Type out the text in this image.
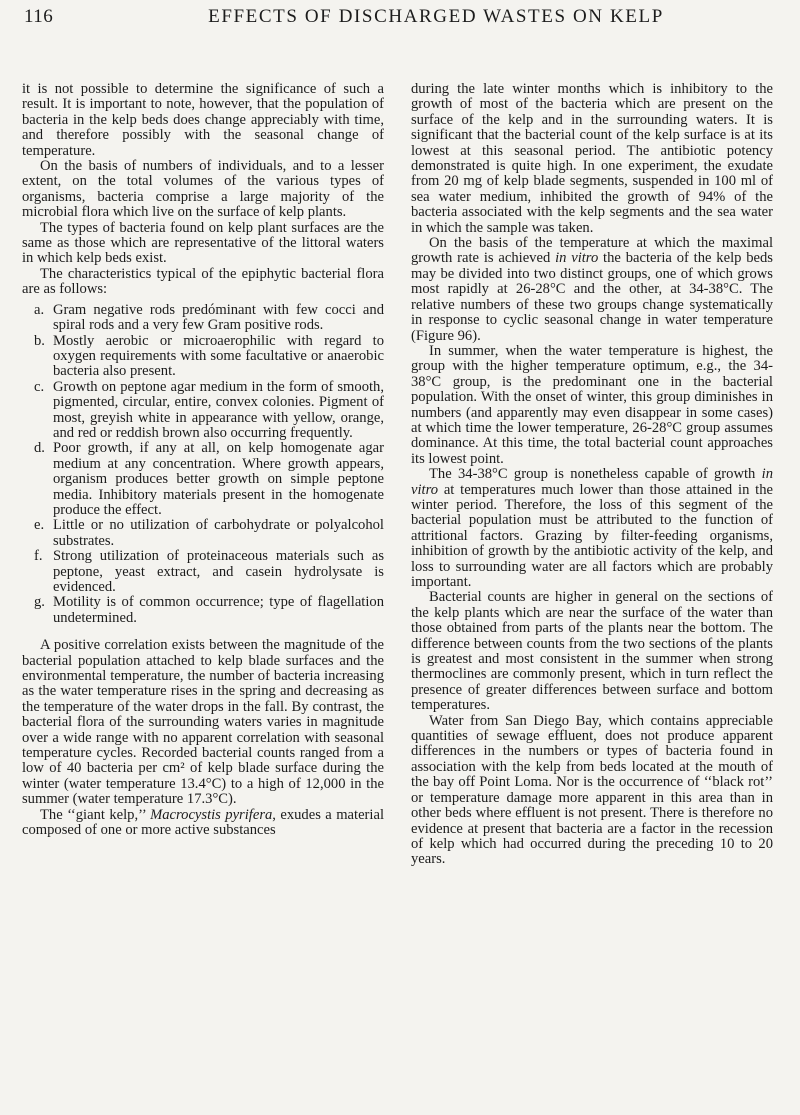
116	EFFECTS OF DISCHARGED WASTES ON KELP

it is not possible to determine the significance of such a result. It is important to note, however, that the population of bacteria in the kelp beds does change appreciably with time, and therefore possibly with the seasonal change of temperature.

On the basis of numbers of individuals, and to a lesser extent, on the total volumes of the various types of organisms, bacteria comprise a large majority of the microbial flora which live on the surface of kelp plants.

The types of bacteria found on kelp plant surfaces are the same as those which are representative of the littoral waters in which kelp beds exist.

The characteristics typical of the epiphytic bacterial flora are as follows:

a. Gram negative rods predóminant with few cocci and spiral rods and a very few Gram positive rods.
b. Mostly aerobic or microaerophilic with regard to oxygen requirements with some facultative or anaerobic bacteria also present.
c. Growth on peptone agar medium in the form of smooth, pigmented, circular, entire, convex colonies. Pigment of most, greyish white in appearance with yellow, orange, and red or reddish brown also occurring frequently.
d. Poor growth, if any at all, on kelp homogenate agar medium at any concentration. Where growth appears, organism produces better growth on simple peptone media. Inhibitory materials present in the homogenate produce the effect.
e. Little or no utilization of carbohydrate or polyalcohol substrates.
f. Strong utilization of proteinaceous materials such as peptone, yeast extract, and casein hydrolysate is evidenced.
g. Motility is of common occurrence; type of flagellation undetermined.

A positive correlation exists between the magnitude of the bacterial population attached to kelp blade surfaces and the environmental temperature, the number of bacteria increasing as the water temperature rises in the spring and decreasing as the temperature of the water drops in the fall. By contrast, the bacterial flora of the surrounding waters varies in magnitude over a wide range with no apparent correlation with seasonal temperature cycles. Recorded bacterial counts ranged from a low of 40 bacteria per cm² of kelp blade surface during the winter (water temperature 13.4°C) to a high of 12,000 in the summer (water temperature 17.3°C).

The ‘‘giant kelp,’’ Macrocystis pyrifera, exudes a material composed of one or more active substances

during the late winter months which is inhibitory to the growth of most of the bacteria which are present on the surface of the kelp and in the surrounding waters. It is significant that the bacterial count of the kelp surface is at its lowest at this seasonal period. The antibiotic potency demonstrated is quite high. In one experiment, the exudate from 20 mg of kelp blade segments, suspended in 100 ml of sea water medium, inhibited the growth of 94% of the bacteria associated with the kelp segments and the sea water in which the sample was taken.

On the basis of the temperature at which the maximal growth rate is achieved in vitro the bacteria of the kelp beds may be divided into two distinct groups, one of which grows most rapidly at 26-28°C and the other, at 34-38°C. The relative numbers of these two groups change systematically in response to cyclic seasonal change in water temperature (Figure 96).

In summer, when the water temperature is highest, the group with the higher temperature optimum, e.g., the 34-38°C group, is the predominant one in the bacterial population. With the onset of winter, this group diminishes in numbers (and apparently may even disappear in some cases) at which time the lower temperature, 26-28°C group assumes dominance. At this time, the total bacterial count approaches its lowest point.

The 34-38°C group is nonetheless capable of growth in vitro at temperatures much lower than those attained in the winter period. Therefore, the loss of this segment of the bacterial population must be attributed to the function of attritional factors. Grazing by filter-feeding organisms, inhibition of growth by the antibiotic activity of the kelp, and loss to surrounding water are all factors which are probably important.

Bacterial counts are higher in general on the sections of the kelp plants which are near the surface of the water than those obtained from parts of the plants near the bottom. The difference between counts from the two sections of the plants is greatest and most consistent in the summer when strong thermoclines are commonly present, which in turn reflect the presence of greater differences between surface and bottom temperatures.

Water from San Diego Bay, which contains appreciable quantities of sewage effluent, does not produce apparent differences in the numbers or types of bacteria found in association with the kelp from beds located at the mouth of the bay off Point Loma. Nor is the occurrence of ‘‘black rot’’ or temperature damage more apparent in this area than in other beds where effluent is not present. There is therefore no evidence at present that bacteria are a factor in the recession of kelp which had occurred during the preceding 10 to 20 years.
